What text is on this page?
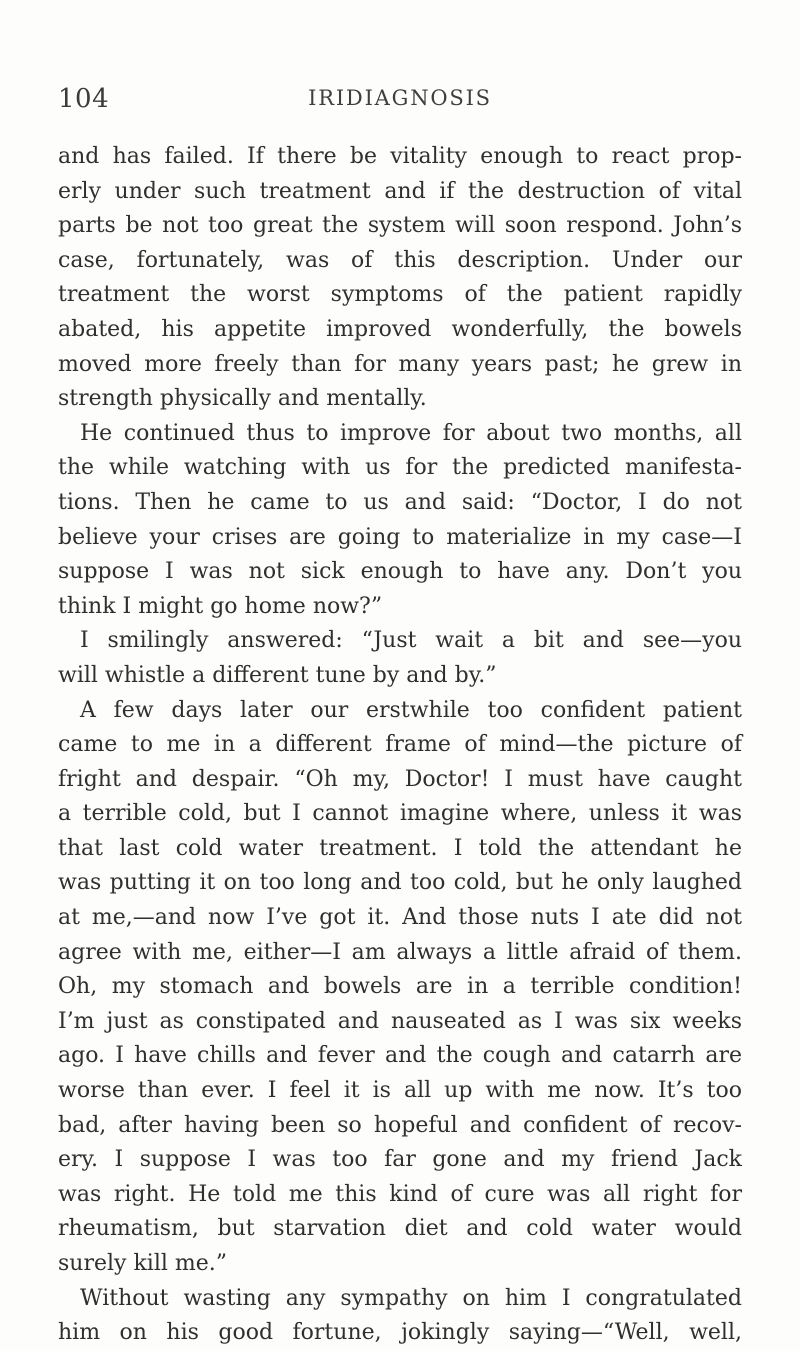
104	IRIDIAGNOSIS
and has failed. If there be vitality enough to react prop-
erly under such treatment and if the destruction of vital
parts be not too great the system will soon respond. John’s
case, fortunately, was of this description. Under our
treatment the worst symptoms of the patient rapidly
abated, his appetite improved wonderfully, the bowels
moved more freely than for many years past; he grew in
strength physically and mentally.
He continued thus to improve for about two months, all
the while watching with us for the predicted manifesta-
tions. Then he came to us and said: “Doctor, I do not
believe your crises are going to materialize in my case—I
suppose I was not sick enough to have any. Don’t you
think I might go home now?”
I smilingly answered: “Just wait a bit and see—you
will whistle a different tune by and by.”
A few days later our erstwhile too confident patient
came to me in a different frame of mind—the picture of
fright and despair. “Oh my, Doctor! I must have caught
a terrible cold, but I cannot imagine where, unless it was
that last cold water treatment. I told the attendant he
was putting it on too long and too cold, but he only laughed
at me,—and now I’ve got it. And those nuts I ate did not
agree with me, either—I am always a little afraid of them.
Oh, my stomach and bowels are in a terrible condition!
I’m just as constipated and nauseated as I was six weeks
ago. I have chills and fever and the cough and catarrh are
worse than ever. I feel it is all up with me now. It’s too
bad, after having been so hopeful and confident of recov-
ery. I suppose I was too far gone and my friend Jack
was right. He told me this kind of cure was all right for
rheumatism, but starvation diet and cold water would
surely kill me.”
Without wasting any sympathy on him I congratulated
him on his good fortune, jokingly saying—“Well, well,
